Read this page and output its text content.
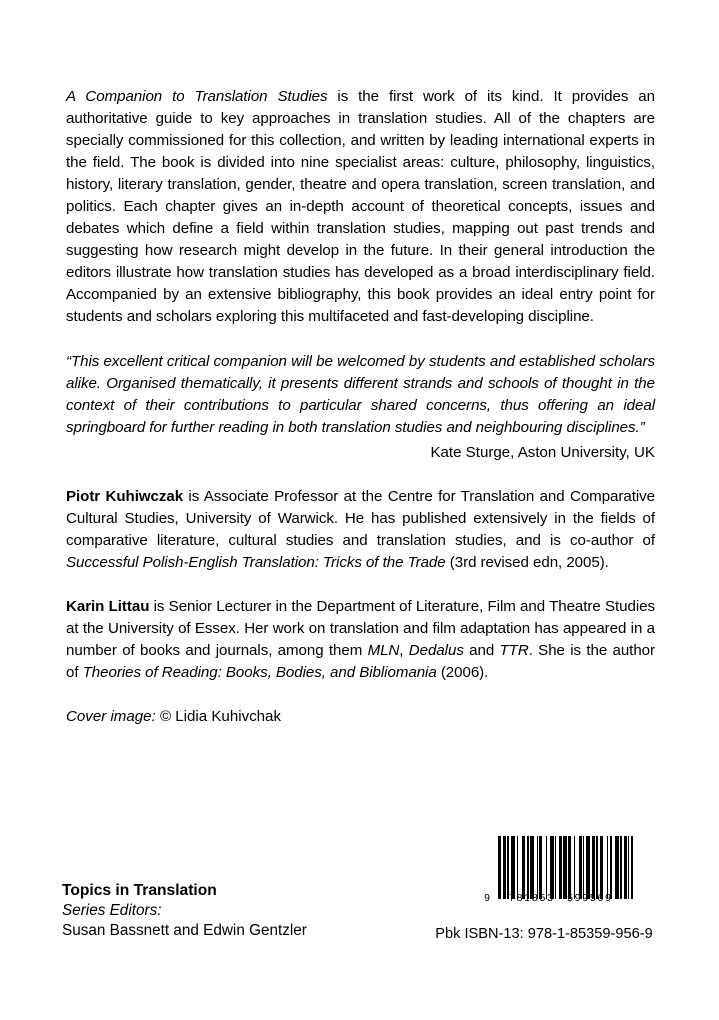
A Companion to Translation Studies is the first work of its kind. It provides an authoritative guide to key approaches in translation studies. All of the chapters are specially commissioned for this collection, and written by leading international experts in the field. The book is divided into nine specialist areas: culture, philosophy, linguistics, history, literary translation, gender, theatre and opera translation, screen translation, and politics. Each chapter gives an in-depth account of theoretical concepts, issues and debates which define a field within translation studies, mapping out past trends and suggesting how research might develop in the future. In their general introduction the editors illustrate how translation studies has developed as a broad interdisciplinary field. Accompanied by an extensive bibliography, this book provides an ideal entry point for students and scholars exploring this multifaceted and fast-developing discipline.

“This excellent critical companion will be welcomed by students and established scholars alike. Organised thematically, it presents different strands and schools of thought in the context of their contributions to particular shared concerns, thus offering an ideal springboard for further reading in both translation studies and neighbouring disciplines.”

Kate Sturge, Aston University, UK

Piotr Kuhiwczak is Associate Professor at the Centre for Translation and Comparative Cultural Studies, University of Warwick. He has published extensively in the fields of comparative literature, cultural studies and translation studies, and is co-author of Successful Polish-English Translation: Tricks of the Trade (3rd revised edn, 2005).

Karin Littau is Senior Lecturer in the Department of Literature, Film and Theatre Studies at the University of Essex. Her work on translation and film adaptation has appeared in a number of books and journals, among them MLN, Dedalus and TTR. She is the author of Theories of Reading: Books, Bodies, and Bibliomania (2006).

Cover image: © Lidia Kuhivchak

Topics in Translation

Series Editors:

Susan Bassnett and Edwin Gentzler

9 7 8 1 8 5 3 5 9 9 5 6 9

Pbk ISBN-13: 978-1-85359-956-9
